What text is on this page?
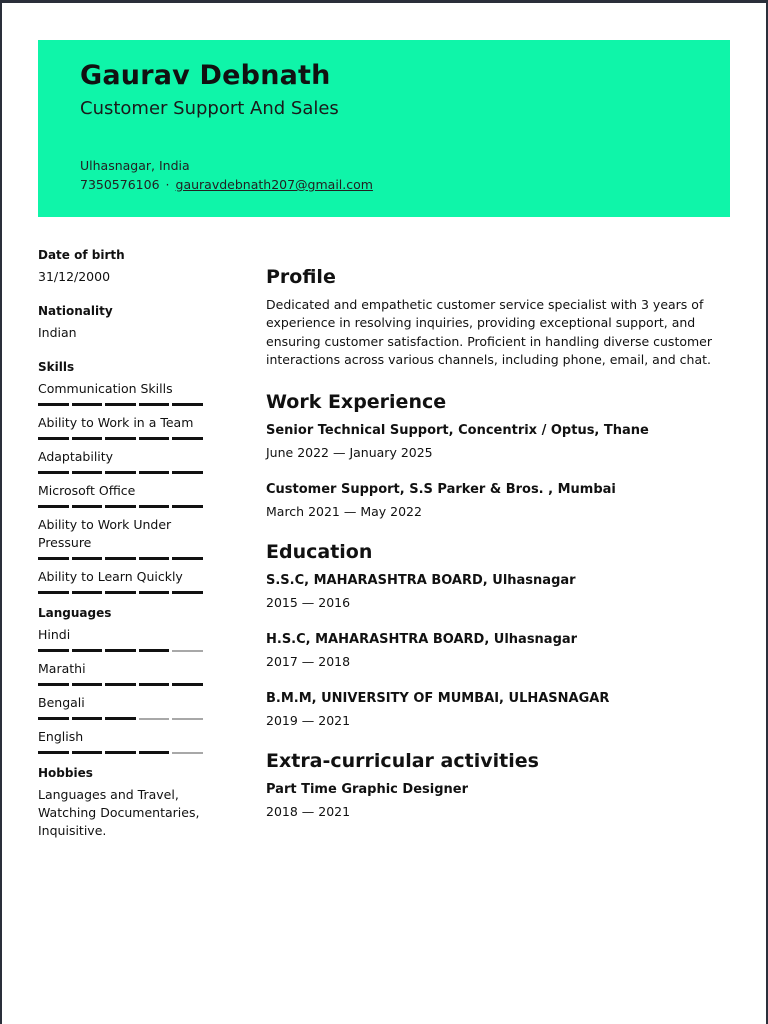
Gaurav Debnath
Customer Support And Sales
Ulhasnagar, India
7350576106 · gauravdebnath207@gmail.com
Date of birth
31/12/2000
Nationality
Indian
Skills
Communication Skills
Ability to Work in a Team
Adaptability
Microsoft Office
Ability to Work Under Pressure
Ability to Learn Quickly
Languages
Hindi
Marathi
Bengali
English
Hobbies
Languages and Travel, Watching Documentaries, Inquisitive.
Profile
Dedicated and empathetic customer service specialist with 3 years of experience in resolving inquiries, providing exceptional support, and ensuring customer satisfaction. Proficient in handling diverse customer interactions across various channels, including phone, email, and chat.
Work Experience
Senior Technical Support, Concentrix / Optus, Thane
June 2022 — January 2025
Customer Support, S.S Parker & Bros. , Mumbai
March 2021 — May 2022
Education
S.S.C, MAHARASHTRA BOARD, Ulhasnagar
2015 — 2016
H.S.C, MAHARASHTRA BOARD, Ulhasnagar
2017 — 2018
B.M.M, UNIVERSITY OF MUMBAI, ULHASNAGAR
2019 — 2021
Extra-curricular activities
Part Time Graphic Designer
2018 — 2021
